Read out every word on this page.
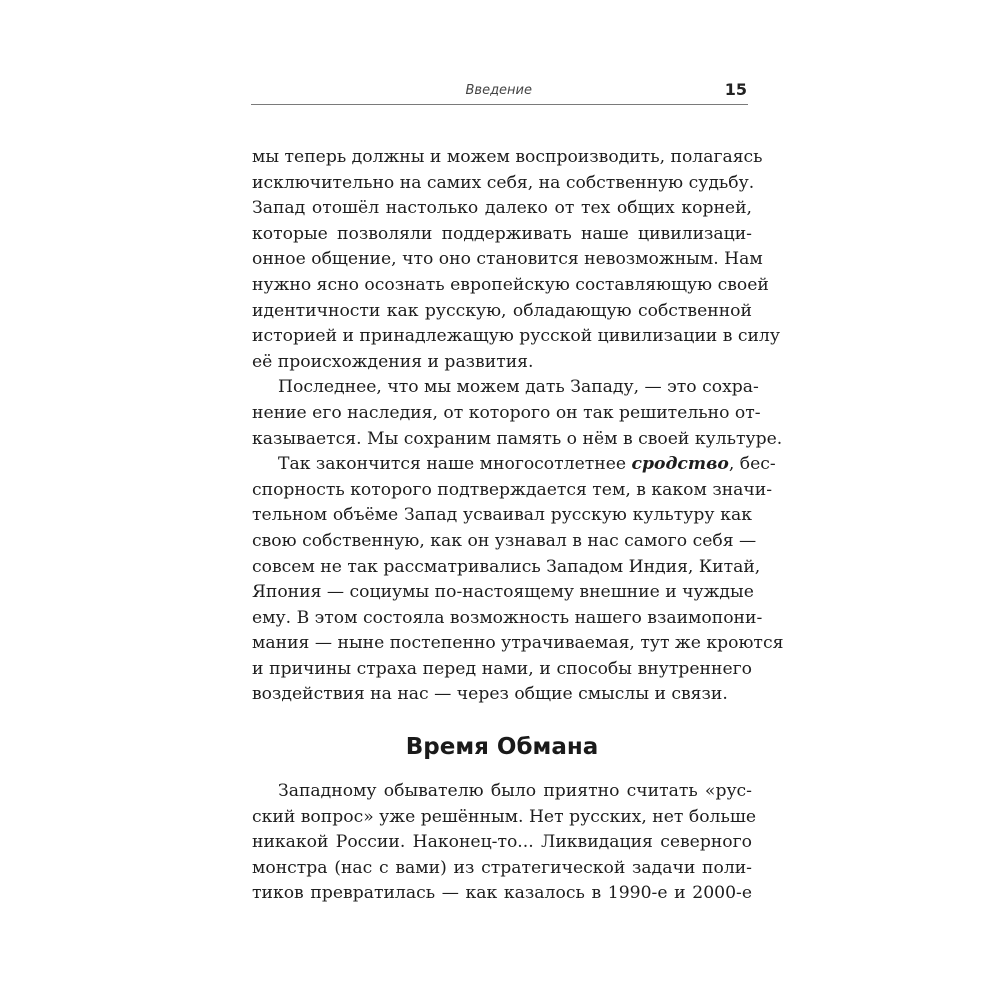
Введение	15
мы теперь должны и можем воспроизводить, полагаясь
исключительно на самих себя, на собственную судьбу.
Запад отошёл настолько далеко от тех общих корней,
которые позволяли поддерживать наше цивилизаци-
онное общение, что оно становится невозможным. Нам
нужно ясно осознать европейскую составляющую своей
идентичности как русскую, обладающую собственной
историей и принадлежащую русской цивилизации в силу
её происхождения и развития.
Последнее, что мы можем дать Западу, — это сохра-
нение его наследия, от которого он так решительно от-
казывается. Мы сохраним память о нём в своей культуре.
Так закончится наше многосотлетнее сродство, бес-
спорность которого подтверждается тем, в каком значи-
тельном объёме Запад усваивал русскую культуру как
свою собственную, как он узнавал в нас самого себя —
совсем не так рассматривались Западом Индия, Китай,
Япония — социумы по-настоящему внешние и чуждые
ему. В этом состояла возможность нашего взаимопони-
мания — ныне постепенно утрачиваемая, тут же кроются
и причины страха перед нами, и способы внутреннего
воздействия на нас — через общие смыслы и связи.
Время Обмана
Западному обывателю было приятно считать «рус-
ский вопрос» уже решённым. Нет русских, нет больше
никакой России. Наконец-то... Ликвидация северного
монстра (нас с вами) из стратегической задачи поли-
тиков превратилась — как казалось в 1990-е и 2000-е
